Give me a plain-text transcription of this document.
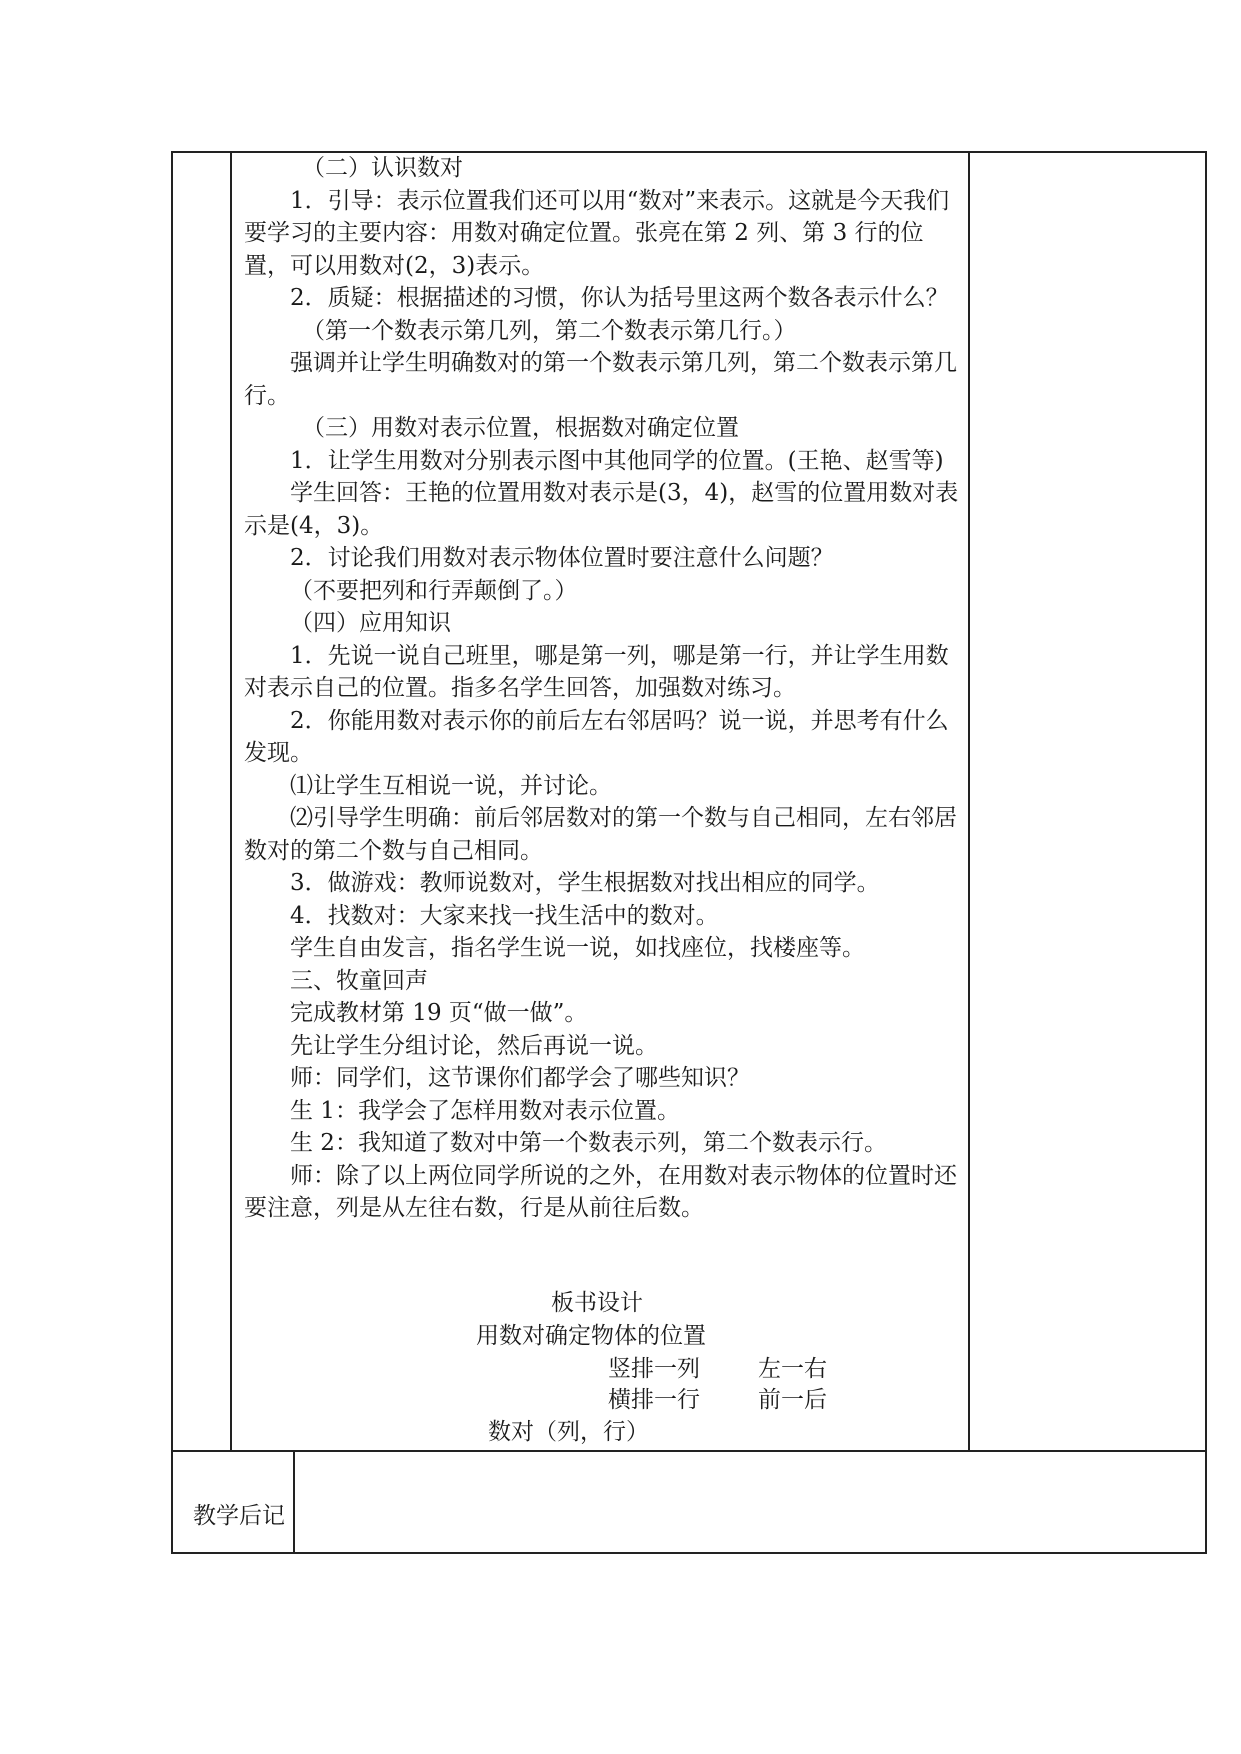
（二）认识数对

1．引导：表示位置我们还可以用“数对”来表示。这就是今天我们要学习的主要内容：用数对确定位置。张亮在第 2 列、第 3 行的位置，可以用数对(2，3)表示。

2．质疑：根据描述的习惯，你认为括号里这两个数各表示什么？

（第一个数表示第几列，第二个数表示第几行。）

强调并让学生明确数对的第一个数表示第几列，第二个数表示第几行。

（三）用数对表示位置，根据数对确定位置

1．让学生用数对分别表示图中其他同学的位置。(王艳、赵雪等)

学生回答：王艳的位置用数对表示是(3，4)，赵雪的位置用数对表示是(4，3)。

2．讨论我们用数对表示物体位置时要注意什么问题？

（不要把列和行弄颠倒了。）

（四）应用知识

1．先说一说自己班里，哪是第一列，哪是第一行，并让学生用数对表示自己的位置。指多名学生回答，加强数对练习。

2．你能用数对表示你的前后左右邻居吗？说一说，并思考有什么发现。

⑴让学生互相说一说，并讨论。

⑵引导学生明确：前后邻居数对的第一个数与自己相同，左右邻居数对的第二个数与自己相同。

3．做游戏：教师说数对，学生根据数对找出相应的同学。

4．找数对：大家来找一找生活中的数对。

学生自由发言，指名学生说一说，如找座位，找楼座等。

三、牧童回声

完成教材第 19 页“做一做”。

先让学生分组讨论，然后再说一说。

师：同学们，这节课你们都学会了哪些知识？

生 1：我学会了怎样用数对表示位置。

生 2：我知道了数对中第一个数表示列，第二个数表示行。

师：除了以上两位同学所说的之外，在用数对表示物体的位置时还要注意，列是从左往右数，行是从前往后数。

板书设计
用数对确定物体的位置
竖排一列	左一右
横排一行	前一后
数对（列，行）
教学后记
